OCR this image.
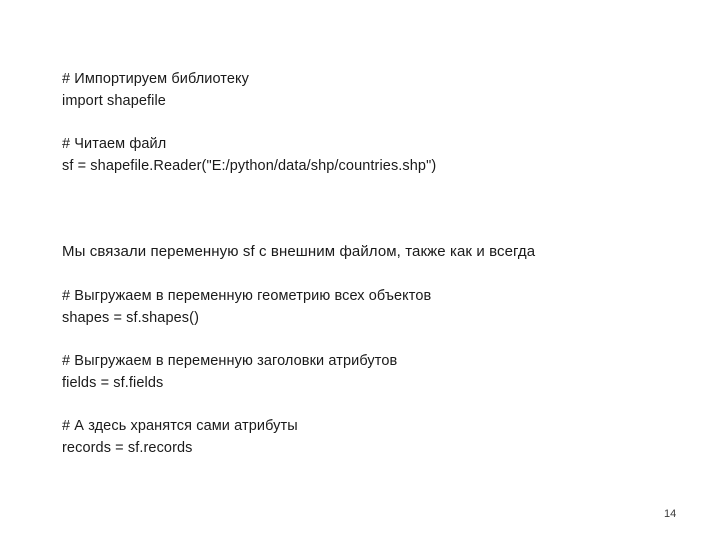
# Импортируем библиотеку
import shapefile
# Читаем файл
sf = shapefile.Reader("E:/python/data/shp/countries.shp")
Мы связали переменную sf с внешним файлом, также как и всегда
# Выгружаем в переменную геометрию всех объектов
shapes = sf.shapes()
# Выгружаем в переменную заголовки атрибутов
fields = sf.fields
# А здесь хранятся сами атрибуты
records = sf.records
14
